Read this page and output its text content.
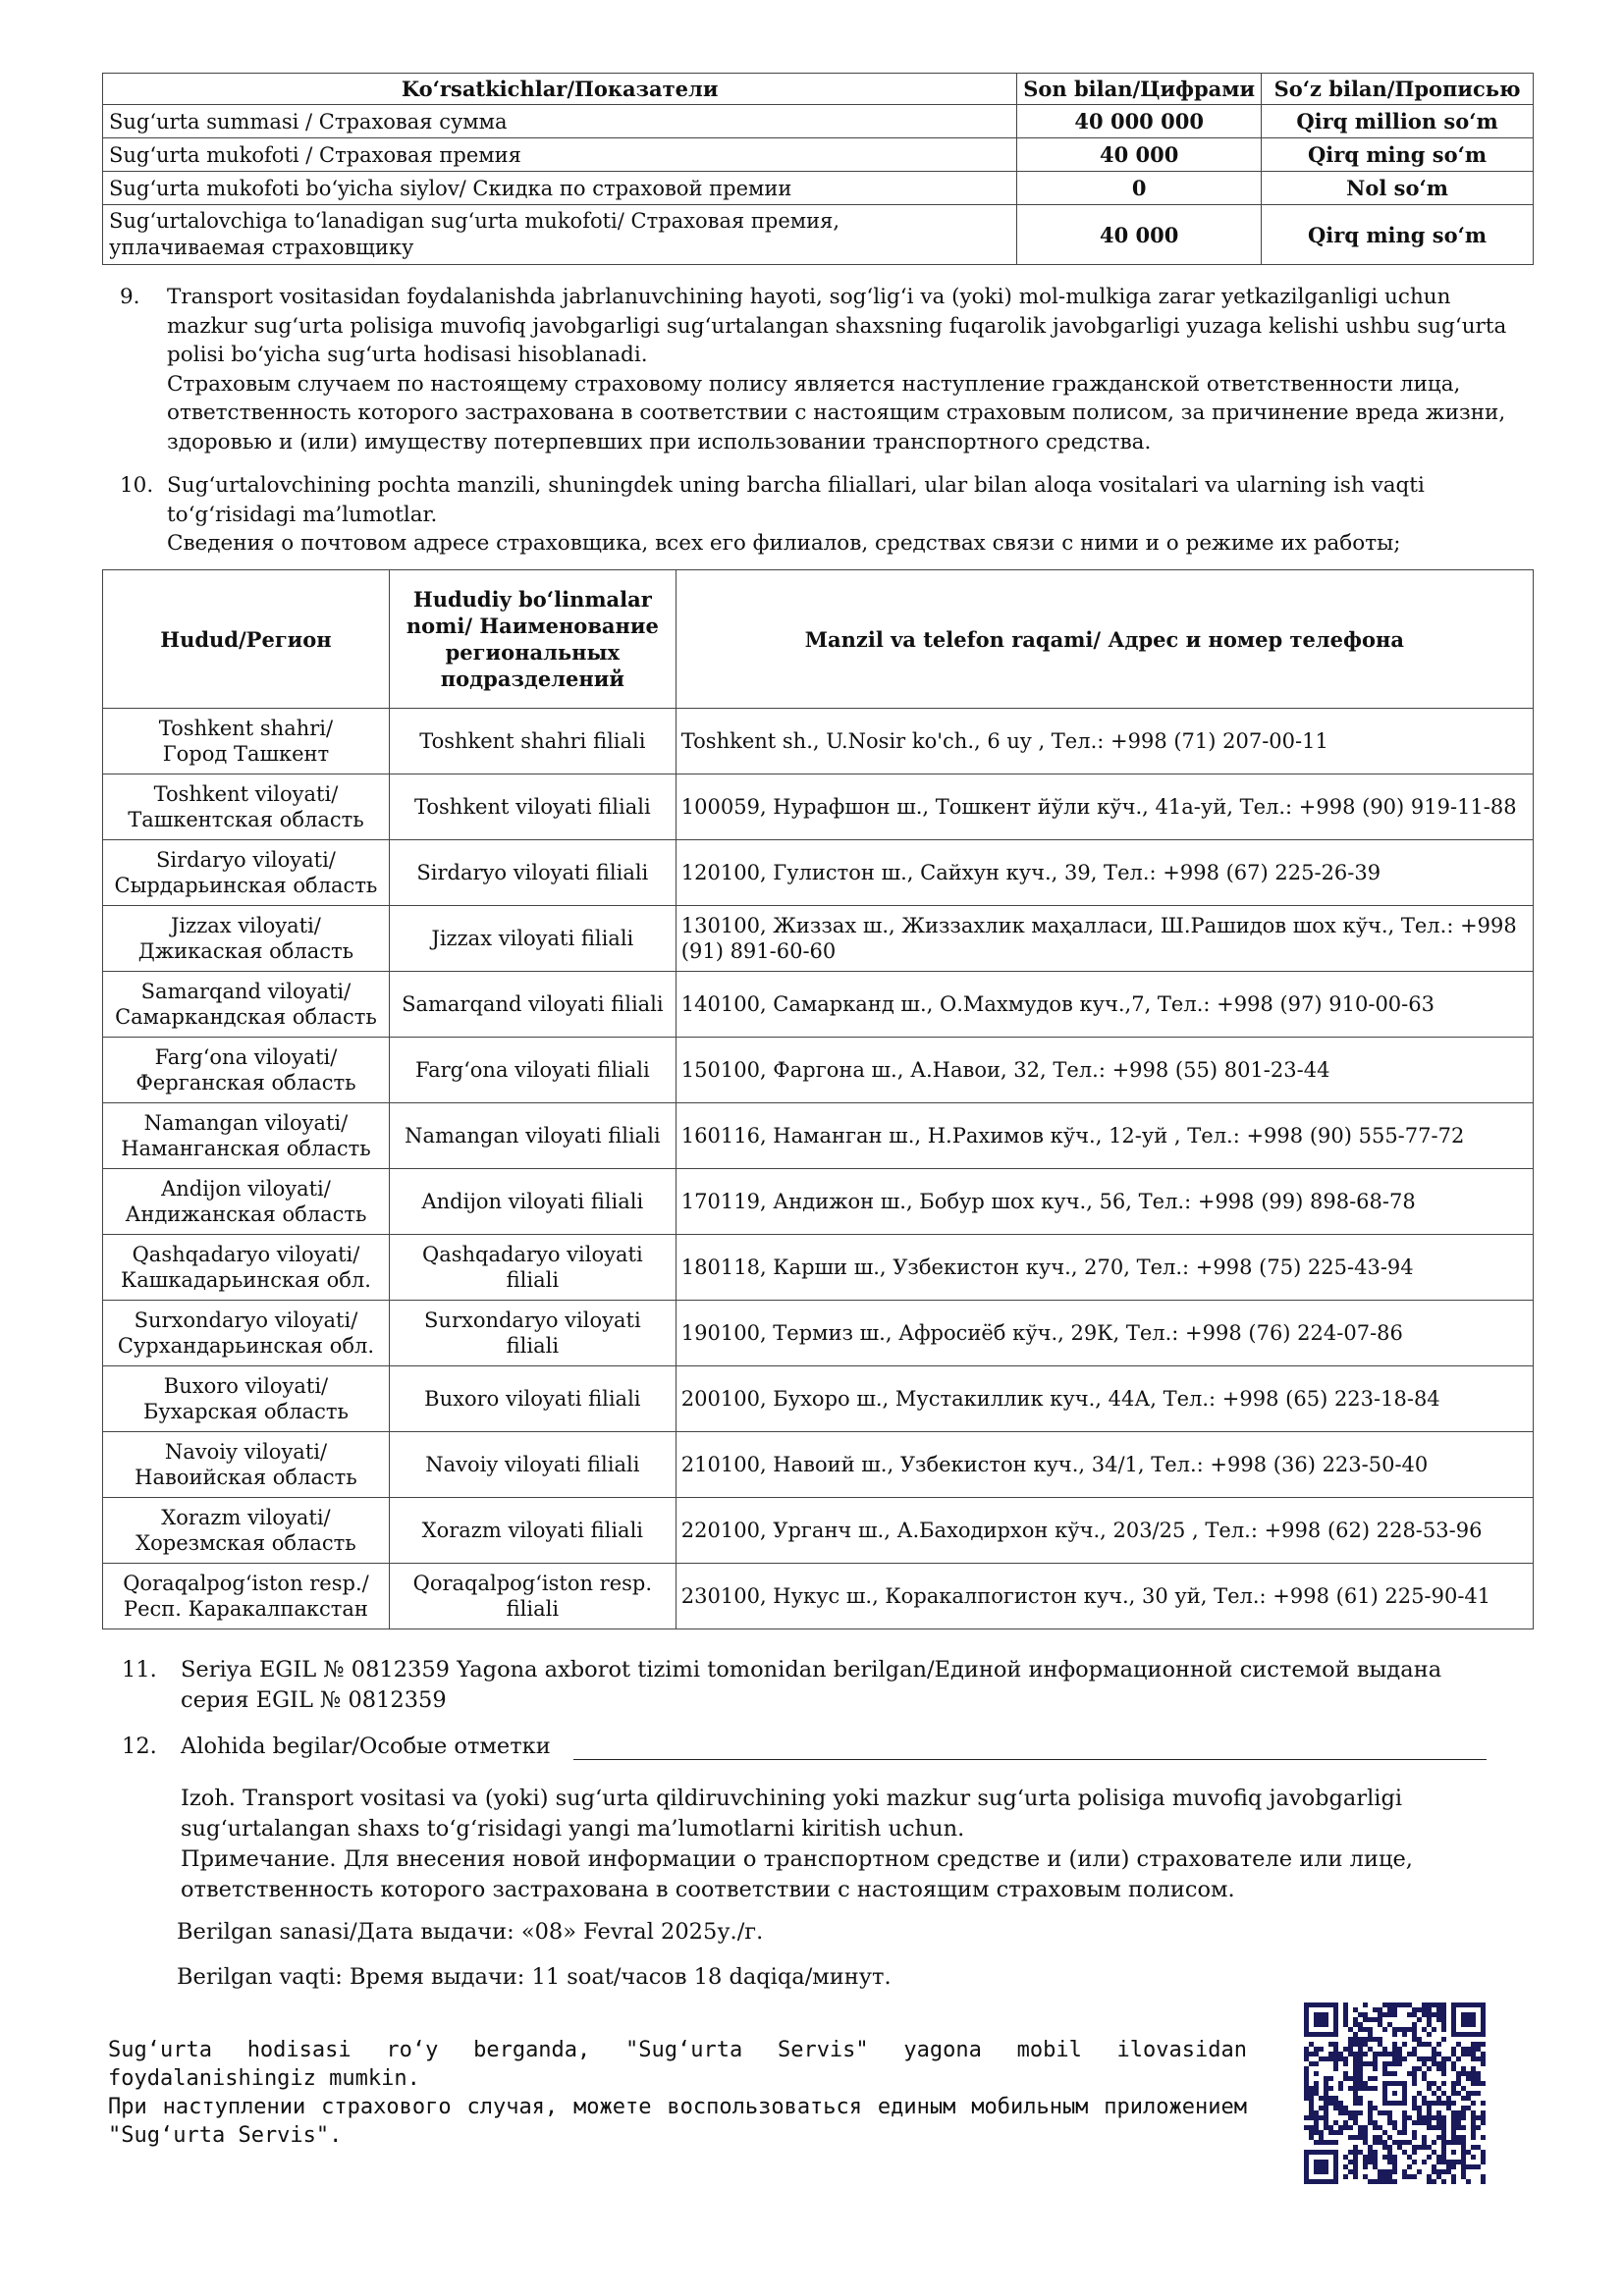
Ko‘rsatkichlar/Показатели	Son bilan/Цифрами	So‘z bilan/Прописью
Sug‘urta summasi / Страховая сумма	40 000 000	Qirq million so‘m
Sug‘urta mukofoti / Страховая премия	40 000	Qirq ming so‘m
Sug‘urta mukofoti bo‘yicha siylov/ Скидка по страховой премии	0	Nol so‘m
Sug‘urtalovchiga to‘lanadigan sug‘urta mukofoti/ Страховая премия,
уплачиваемая страховщику	40 000	Qirq ming so‘m
9. Transport vositasidan foydalanishda jabrlanuvchining hayoti, sog‘lig‘i va (yoki) mol-mulkiga zarar yetkazilganligi uchun mazkur sug‘urta polisiga muvofiq javobgarligi sug‘urtalangan shaxsning fuqarolik javobgarligi yuzaga kelishi ushbu sug‘urta polisi bo‘yicha sug‘urta hodisasi hisoblanadi.

Страховым случаем по настоящему страховому полису является наступление гражданской ответственности лица, ответственность которого застрахована в соответствии с настоящим страховым полисом, за причинение вреда жизни, здоровью и (или) имуществу потерпевших при использовании транспортного средства.

10. Sug‘urtalovchining pochta manzili, shuningdek uning barcha filiallari, ular bilan aloqa vositalari va ularning ish vaqti to‘g‘risidagi ma’lumotlar.

Сведения о почтовом адресе страховщика, всех его филиалов, средствах связи с ними и о режиме их работы;

Hudud/Регион	Hududiy bo‘linmalar nomi/ Наименование региональных подразделений	Manzil va telefon raqami/ Адрес и номер телефона
Toshkent shahri/
Город Ташкент	Toshkent shahri filiali	Toshkent sh., U.Nosir ko'ch., 6 uy , Тел.: +998 (71) 207-00-11
Toshkent viloyati/
Ташкентская область	Toshkent viloyati filiali	100059, Нурафшон ш., Тошкент йўли кўч., 41а-уй, Тел.: +998 (90) 919-11-88
Sirdaryo viloyati/
Сырдарьинская область	Sirdaryo viloyati filiali	120100, Гулистон ш., Сайхун куч., 39, Тел.: +998 (67) 225-26-39
Jizzax viloyati/
Джикаская область	Jizzax viloyati filiali	130100, Жиззах ш., Жиззахлик маҳалласи, Ш.Рашидов шох кўч., Тел.: +998 (91) 891-60-60
Samarqand viloyati/
Самаркандская область	Samarqand viloyati filiali	140100, Самарканд ш., О.Махмудов куч.,7, Тел.: +998 (97) 910-00-63
Farg‘ona viloyati/
Ферганская область	Farg‘ona viloyati filiali	150100, Фаргона ш., А.Навои, 32, Тел.: +998 (55) 801-23-44
Namangan viloyati/
Наманганская область	Namangan viloyati filiali	160116, Наманган ш., Н.Рахимов кўч., 12-уй , Тел.: +998 (90) 555-77-72
Andijon viloyati/
Андижанская область	Andijon viloyati filiali	170119, Андижон ш., Бобур шох куч., 56, Тел.: +998 (99) 898-68-78
Qashqadaryo viloyati/
Кашкадарьинская обл.	Qashqadaryo viloyati filiali	180118, Карши ш., Узбекистон куч., 270, Тел.: +998 (75) 225-43-94
Surxondaryo viloyati/
Сурхандарьинская обл.	Surxondaryo viloyati filiali	190100, Термиз ш., Афросиёб кўч., 29К, Тел.: +998 (76) 224-07-86
Buxoro viloyati/
Бухарская область	Buxoro viloyati filiali	200100, Бухоро ш., Мустакиллик куч., 44А, Тел.: +998 (65) 223-18-84
Navoiy viloyati/
Навоийская область	Navoiy viloyati filiali	210100, Навоий ш., Узбекистон куч., 34/1, Тел.: +998 (36) 223-50-40
Xorazm viloyati/
Хорезмская область	Xorazm viloyati filiali	220100, Урганч ш., А.Баходирхон кўч., 203/25 , Тел.: +998 (62) 228-53-96
Qoraqalpog‘iston resp./
Респ. Каракалпакстан	Qoraqalpog‘iston resp. filiali	230100, Нукус ш., Коракалпогистон куч., 30 уй, Тел.: +998 (61) 225-90-41
11. Seriya EGIL № 0812359 Yagona axborot tizimi tomonidan berilgan/Единой информационной системой выдана серия EGIL № 0812359
12. Alohida begilar/Особые отметки

Izoh. Transport vositasi va (yoki) sug‘urta qildiruvchining yoki mazkur sug‘urta polisiga muvofiq javobgarligi sug‘urtalangan shaxs to‘g‘risidagi yangi ma’lumotlarni kiritish uchun.

Примечание. Для внесения новой информации о транспортном средстве и (или) страхователе или лице, ответственность которого застрахована в соответствии с настоящим страховым полисом.

Berilgan sanasi/Дата выдачи: «08» Fevral 2025у./г.
Berilgan vaqti: Время выдачи: 11 soat/часов 18 daqiqa/минут.

Sug‘urta hodisasi ro‘y berganda, "Sug‘urta Servis" yagona mobil ilovasidan foydalanishingiz mumkin.

При наступлении страхового случая, можете воспользоваться единым мобильным приложением "Sug‘urta Servis".
